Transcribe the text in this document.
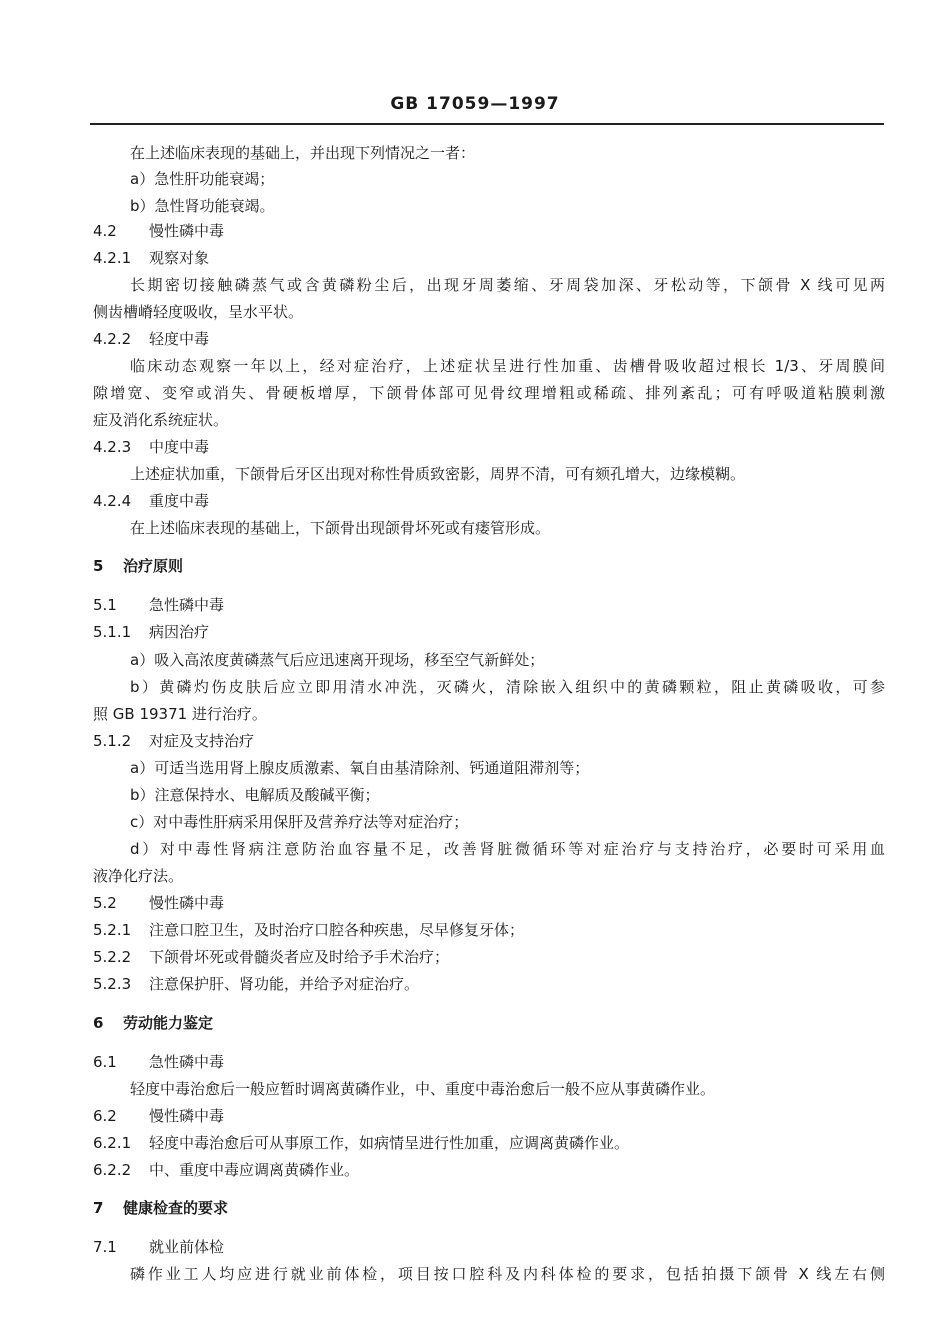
GB 17059—1997
在上述临床表现的基础上，并出现下列情况之一者：
a）急性肝功能衰竭；
b）急性肾功能衰竭。
4.2 慢性磷中毒
4.2.1 观察对象
长期密切接触磷蒸气或含黄磷粉尘后，出现牙周萎缩、牙周袋加深、牙松动等，下颌骨 X 线可见两
侧齿槽嵴轻度吸收，呈水平状。
4.2.2 轻度中毒
临床动态观察一年以上，经对症治疗，上述症状呈进行性加重、齿槽骨吸收超过根长 1/3、牙周膜间
隙增宽、变窄或消失、骨硬板增厚，下颌骨体部可见骨纹理增粗或稀疏、排列紊乱；可有呼吸道粘膜刺激
症及消化系统症状。
4.2.3 中度中毒
上述症状加重，下颌骨后牙区出现对称性骨质致密影，周界不清，可有颏孔增大，边缘模糊。
4.2.4 重度中毒
在上述临床表现的基础上，下颌骨出现颌骨坏死或有瘘管形成。
5 治疗原则
5.1 急性磷中毒
5.1.1 病因治疗
a）吸入高浓度黄磷蒸气后应迅速离开现场，移至空气新鲜处；
b）黄磷灼伤皮肤后应立即用清水冲洗，灭磷火，清除嵌入组织中的黄磷颗粒，阻止黄磷吸收，可参
照 GB 19371 进行治疗。
5.1.2 对症及支持治疗
a）可适当选用肾上腺皮质激素、氧自由基清除剂、钙通道阻滞剂等；
b）注意保持水、电解质及酸碱平衡；
c）对中毒性肝病采用保肝及营养疗法等对症治疗；
d）对中毒性肾病注意防治血容量不足，改善肾脏微循环等对症治疗与支持治疗，必要时可采用血
液净化疗法。
5.2 慢性磷中毒
5.2.1 注意口腔卫生，及时治疗口腔各种疾患，尽早修复牙体；
5.2.2 下颌骨坏死或骨髓炎者应及时给予手术治疗；
5.2.3 注意保护肝、肾功能，并给予对症治疗。
6 劳动能力鉴定
6.1 急性磷中毒
轻度中毒治愈后一般应暂时调离黄磷作业，中、重度中毒治愈后一般不应从事黄磷作业。
6.2 慢性磷中毒
6.2.1 轻度中毒治愈后可从事原工作，如病情呈进行性加重，应调离黄磷作业。
6.2.2 中、重度中毒应调离黄磷作业。
7 健康检查的要求
7.1 就业前体检
磷作业工人均应进行就业前体检，项目按口腔科及内科体检的要求，包括拍摄下颌骨 X 线左右侧
